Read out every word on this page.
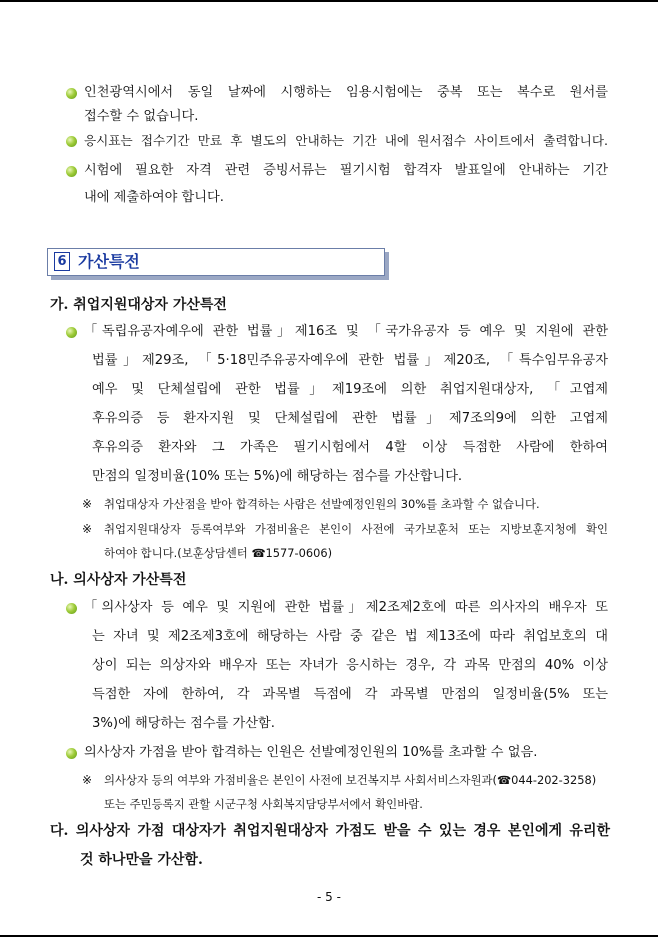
인천광역시에서 동일 날짜에 시행하는 임용시험에는 중복 또는 복수로 원서를
접수할 수 없습니다.
응시표는 접수기간 만료 후 별도의 안내하는 기간 내에 원서접수 사이트에서 출력합니다.
시험에 필요한 자격 관련 증빙서류는 필기시험 합격자 발표일에 안내하는 기간
내에 제출하여야 합니다.
6 가산특전
가. 취업지원대상자 가산특전
「독립유공자예우에 관한 법률」제16조 및 「국가유공자 등 예우 및 지원에 관한
법률」제29조, 「5·18민주유공자예우에 관한 법률」제20조, 「특수임무유공자
예우 및 단체설립에 관한 법률」제19조에 의한 취업지원대상자, 「고엽제
후유의증 등 환자지원 및 단체설립에 관한 법률」제7조의9에 의한 고엽제
후유의증 환자와 그 가족은 필기시험에서 4할 이상 득점한 사람에 한하여
만점의 일정비율(10% 또는 5%)에 해당하는 점수를 가산합니다.
※ 취업대상자 가산점을 받아 합격하는 사람은 선발예정인원의 30%를 초과할 수 없습니다.
※ 취업지원대상자 등록여부와 가점비율은 본인이 사전에 국가보훈처 또는 지방보훈지청에 확인
하여야 합니다.(보훈상담센터 ☎1577-0606)
나. 의사상자 가산특전
「의사상자 등 예우 및 지원에 관한 법률」제2조제2호에 따른 의사자의 배우자 또
는 자녀 및 제2조제3호에 해당하는 사람 중 같은 법 제13조에 따라 취업보호의 대
상이 되는 의상자와 배우자 또는 자녀가 응시하는 경우, 각 과목 만점의 40% 이상
득점한 자에 한하여, 각 과목별 득점에 각 과목별 만점의 일정비율(5% 또는
3%)에 해당하는 점수를 가산함.
의사상자 가점을 받아 합격하는 인원은 선발예정인원의 10%를 초과할 수 없음.
※ 의사상자 등의 여부와 가점비율은 본인이 사전에 보건복지부 사회서비스자원과(☎044-202-3258)
또는 주민등록지 관할 시군구청 사회복지담당부서에서 확인바람.
다. 의사상자 가점 대상자가 취업지원대상자 가점도 받을 수 있는 경우 본인에게 유리한
것 하나만을 가산함.
- 5 -
